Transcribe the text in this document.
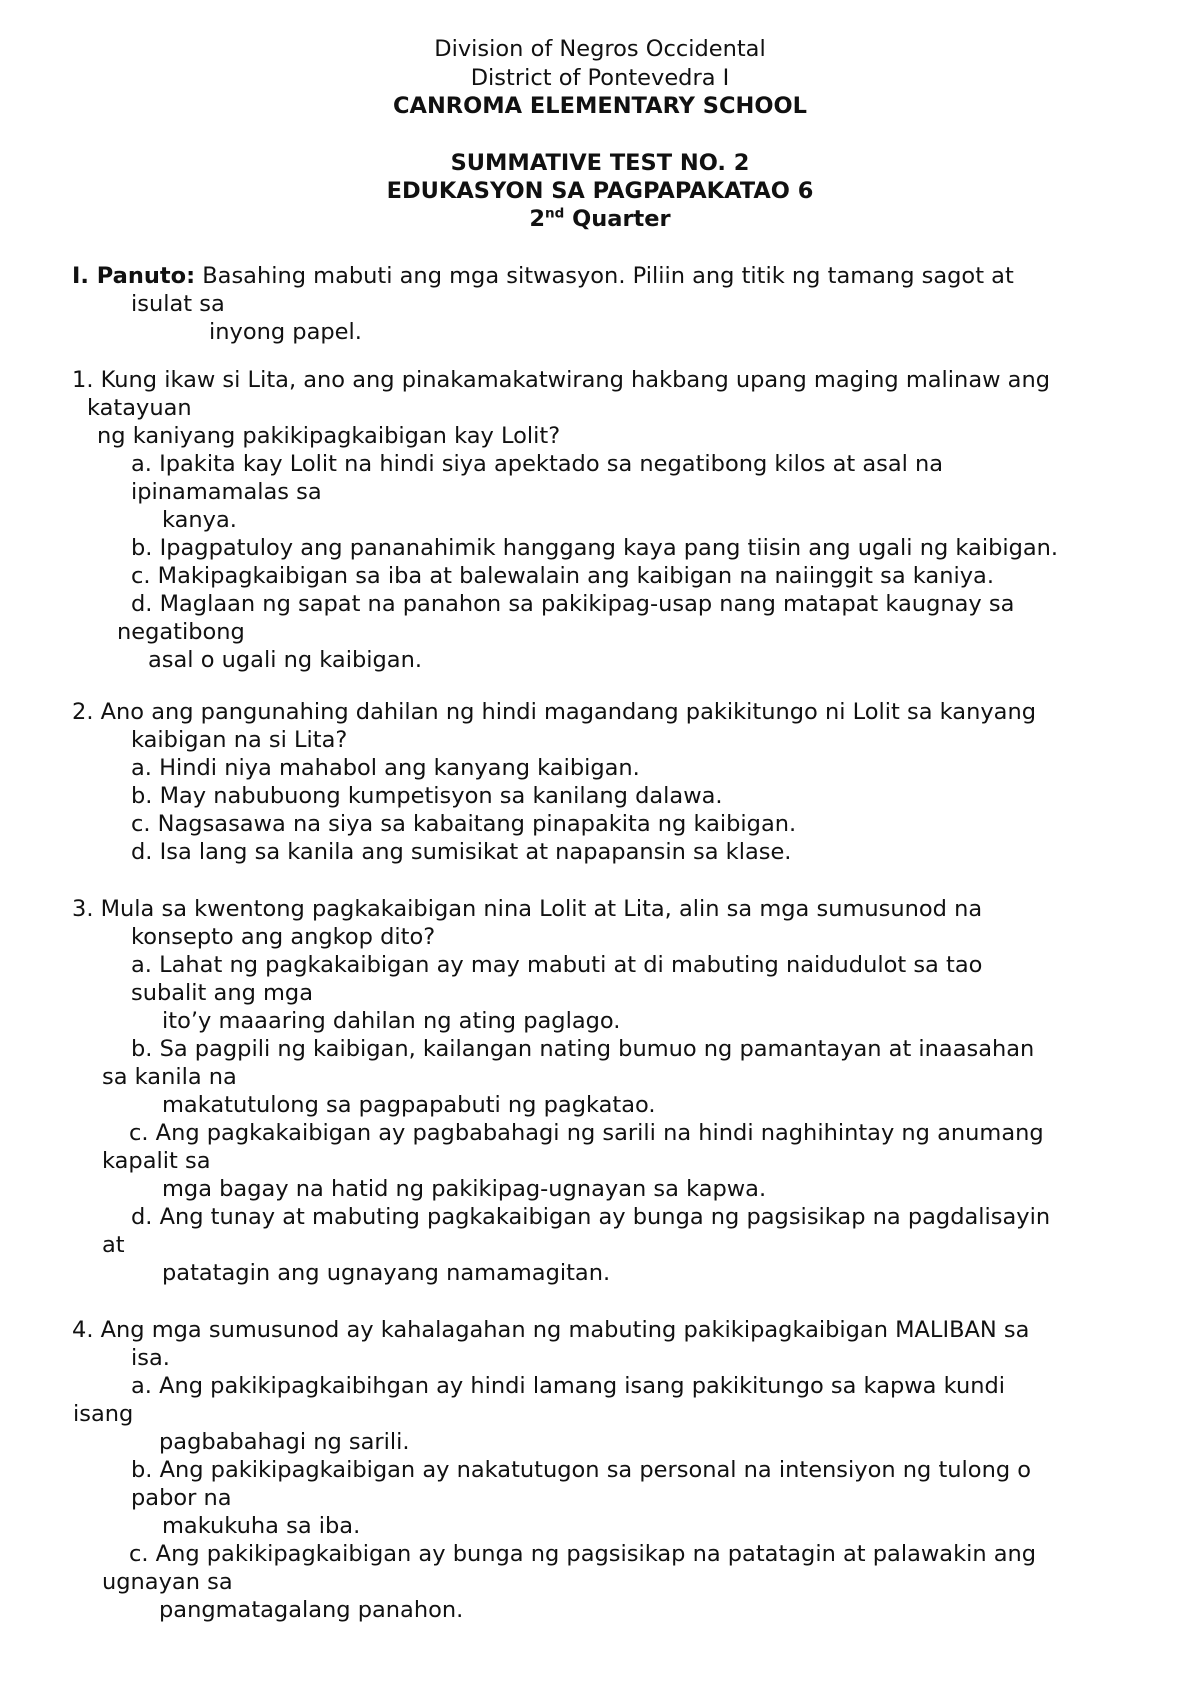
Division of Negros Occidental
District of Pontevedra I
CANROMA ELEMENTARY SCHOOL
SUMMATIVE TEST NO. 2
EDUKASYON SA PAGPAPAKATAO 6
2nd Quarter
I. Panuto: Basahing mabuti ang mga sitwasyon. Piliin ang titik ng tamang sagot at
isulat sa
inyong papel.
1. Kung ikaw si Lita, ano ang pinakamakatwirang hakbang upang maging malinaw ang
katayuan
ng kaniyang pakikipagkaibigan kay Lolit?
a. Ipakita kay Lolit na hindi siya apektado sa negatibong kilos at asal na
ipinamamalas sa
kanya.
b. Ipagpatuloy ang pananahimik hanggang kaya pang tiisin ang ugali ng kaibigan.
c. Makipagkaibigan sa iba at balewalain ang kaibigan na naiinggit sa kaniya.
d. Maglaan ng sapat na panahon sa pakikipag-usap nang matapat kaugnay sa
negatibong
asal o ugali ng kaibigan.
2. Ano ang pangunahing dahilan ng hindi magandang pakikitungo ni Lolit sa kanyang
kaibigan na si Lita?
a. Hindi niya mahabol ang kanyang kaibigan.
b. May nabubuong kumpetisyon sa kanilang dalawa.
c. Nagsasawa na siya sa kabaitang pinapakita ng kaibigan.
d. Isa lang sa kanila ang sumisikat at napapansin sa klase.
3. Mula sa kwentong pagkakaibigan nina Lolit at Lita, alin sa mga sumusunod na
konsepto ang angkop dito?
a. Lahat ng pagkakaibigan ay may mabuti at di mabuting naidudulot sa tao
subalit ang mga
ito’y maaaring dahilan ng ating paglago.
b. Sa pagpili ng kaibigan, kailangan nating bumuo ng pamantayan at inaasahan
sa kanila na
makatutulong sa pagpapabuti ng pagkatao.
c. Ang pagkakaibigan ay pagbabahagi ng sarili na hindi naghihintay ng anumang
kapalit sa
mga bagay na hatid ng pakikipag-ugnayan sa kapwa.
d. Ang tunay at mabuting pagkakaibigan ay bunga ng pagsisikap na pagdalisayin
at
patatagin ang ugnayang namamagitan.
4. Ang mga sumusunod ay kahalagahan ng mabuting pakikipagkaibigan MALIBAN sa
isa.
a. Ang pakikipagkaibihgan ay hindi lamang isang pakikitungo sa kapwa kundi
isang
pagbabahagi ng sarili.
b. Ang pakikipagkaibigan ay nakatutugon sa personal na intensiyon ng tulong o
pabor na
makukuha sa iba.
c. Ang pakikipagkaibigan ay bunga ng pagsisikap na patatagin at palawakin ang
ugnayan sa
pangmatagalang panahon.
